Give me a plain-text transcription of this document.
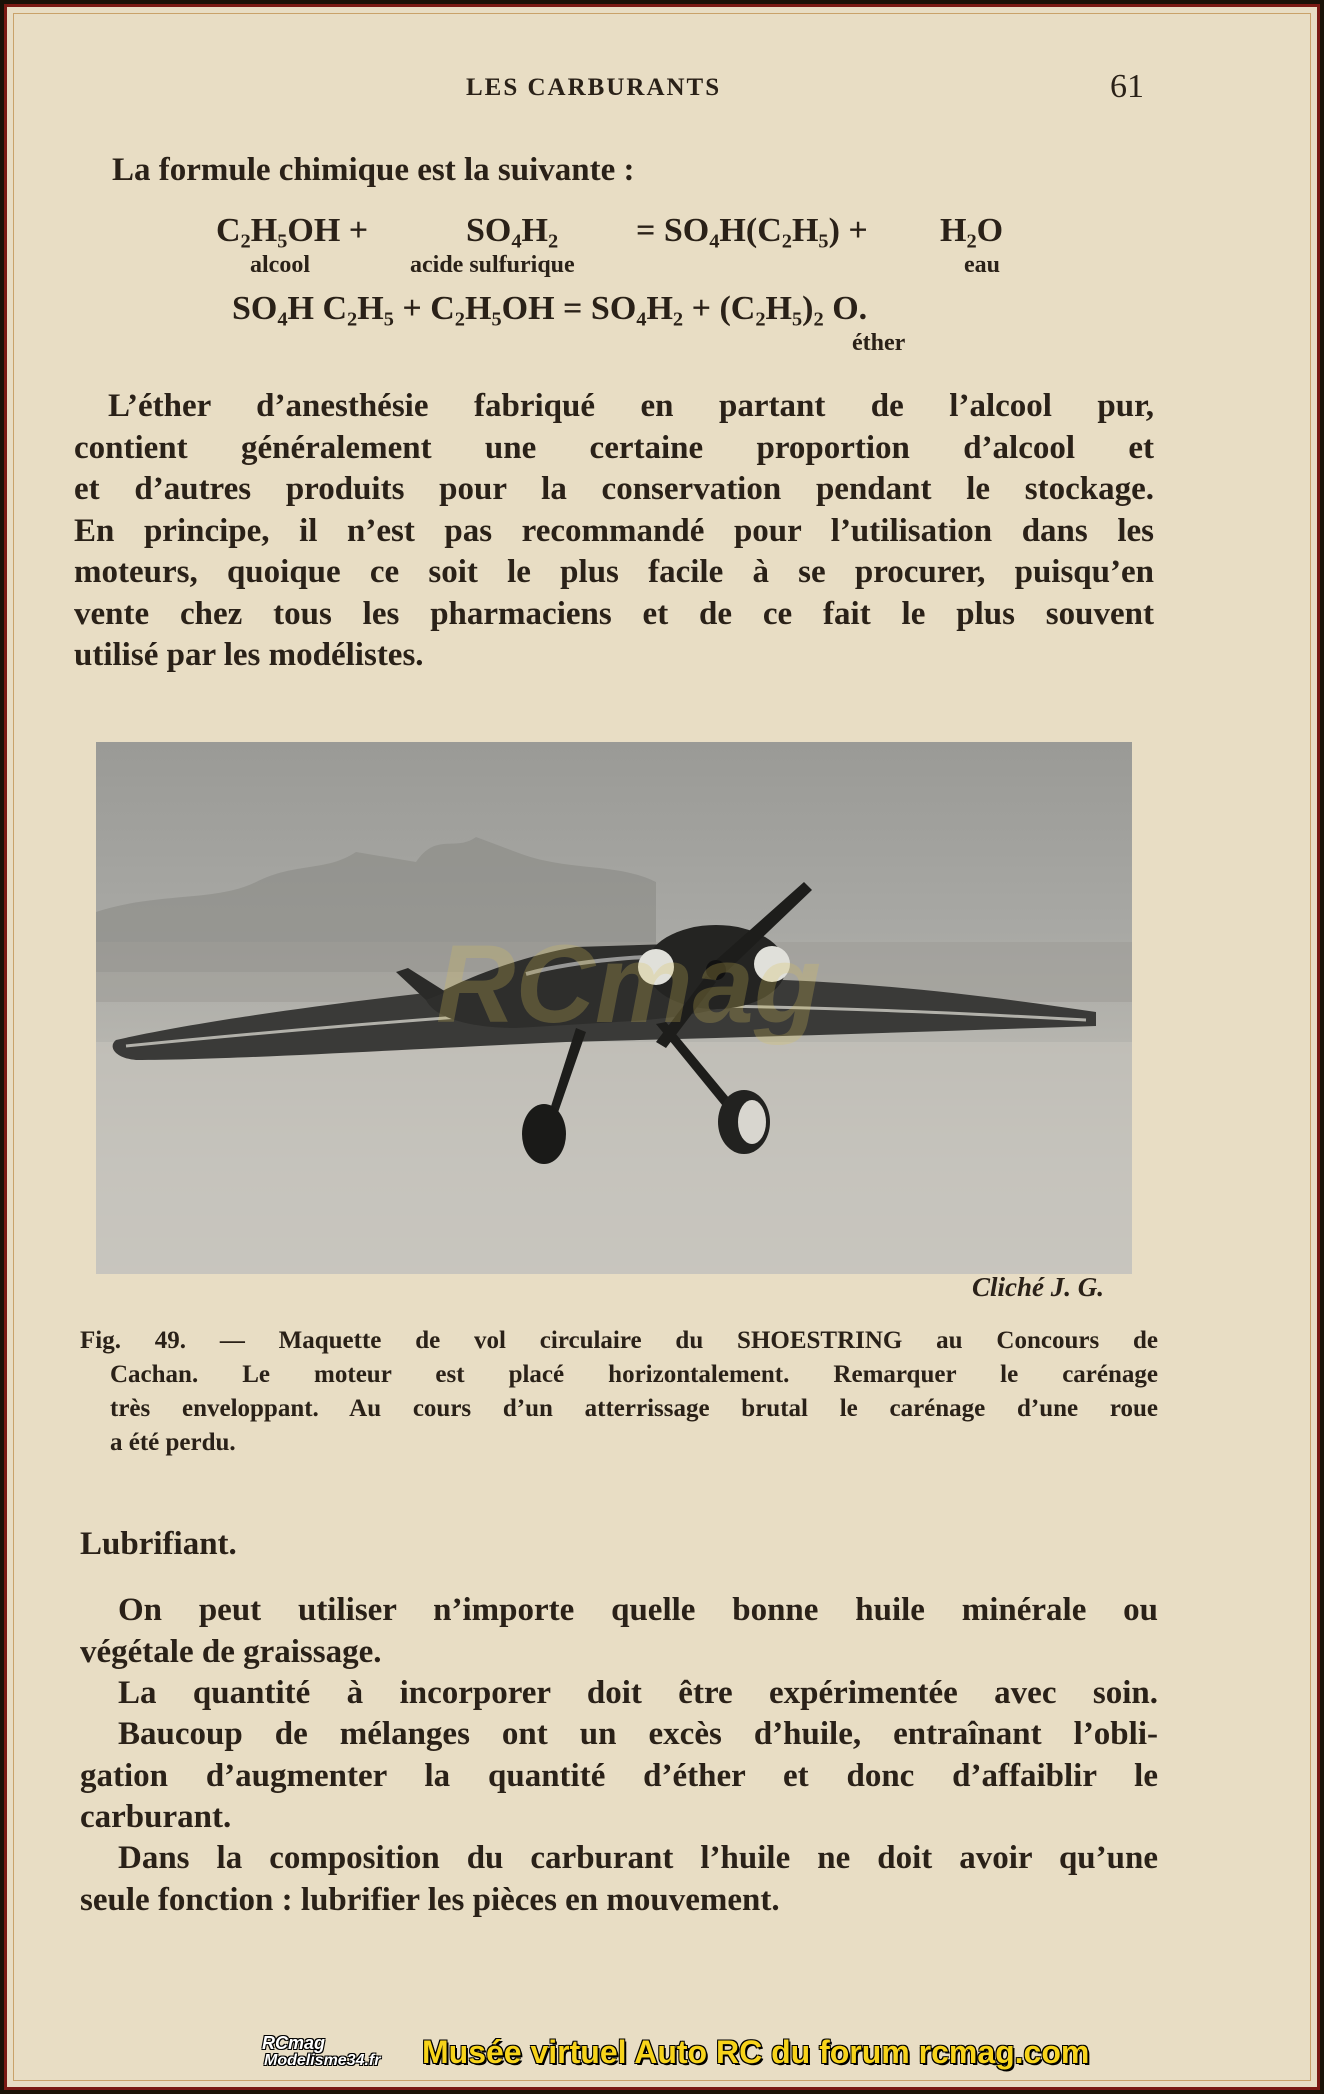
LES CARBURANTS	61
La formule chimique est la suivante :
C₂H₅OH +	SO₄H₂ = SO₄H(C₂H₅) + H₂O
alcool	acide sulfurique	eau
SO₄H C₂H₅ + C₂H₅OH = SO₄H₂ + (C₂H₅)₂ O.
éther
L’éther d’anesthésie fabriqué en partant de l’alcool pur,
contient généralement une certaine proportion d’alcool et
et d’autres produits pour la conservation pendant le stockage.
En principe, il n’est pas recommandé pour l’utilisation dans les
moteurs, quoique ce soit le plus facile à se procurer, puisqu’en
vente chez tous les pharmaciens et de ce fait le plus souvent
utilisé par les modélistes.
RCmag
Cliché J. G.
Fig. 49. — Maquette de vol circulaire du SHOESTRING au Concours de
Cachan. Le moteur est placé horizontalement. Remarquer le carénage
très enveloppant. Au cours d’un atterrissage brutal le carénage d’une roue
a été perdu.
Lubrifiant.
On peut utiliser n’importe quelle bonne huile minérale ou
végétale de graissage.
La quantité à incorporer doit être expérimentée avec soin.
Baucoup de mélanges ont un excès d’huile, entraînant l’obli-
gation d’augmenter la quantité d’éther et donc d’affaiblir le
carburant.
Dans la composition du carburant l’huile ne doit avoir qu’une
seule fonction : lubrifier les pièces en mouvement.
RCmag
Modelisme34.fr Musée virtuel Auto RC du forum rcmag.com
